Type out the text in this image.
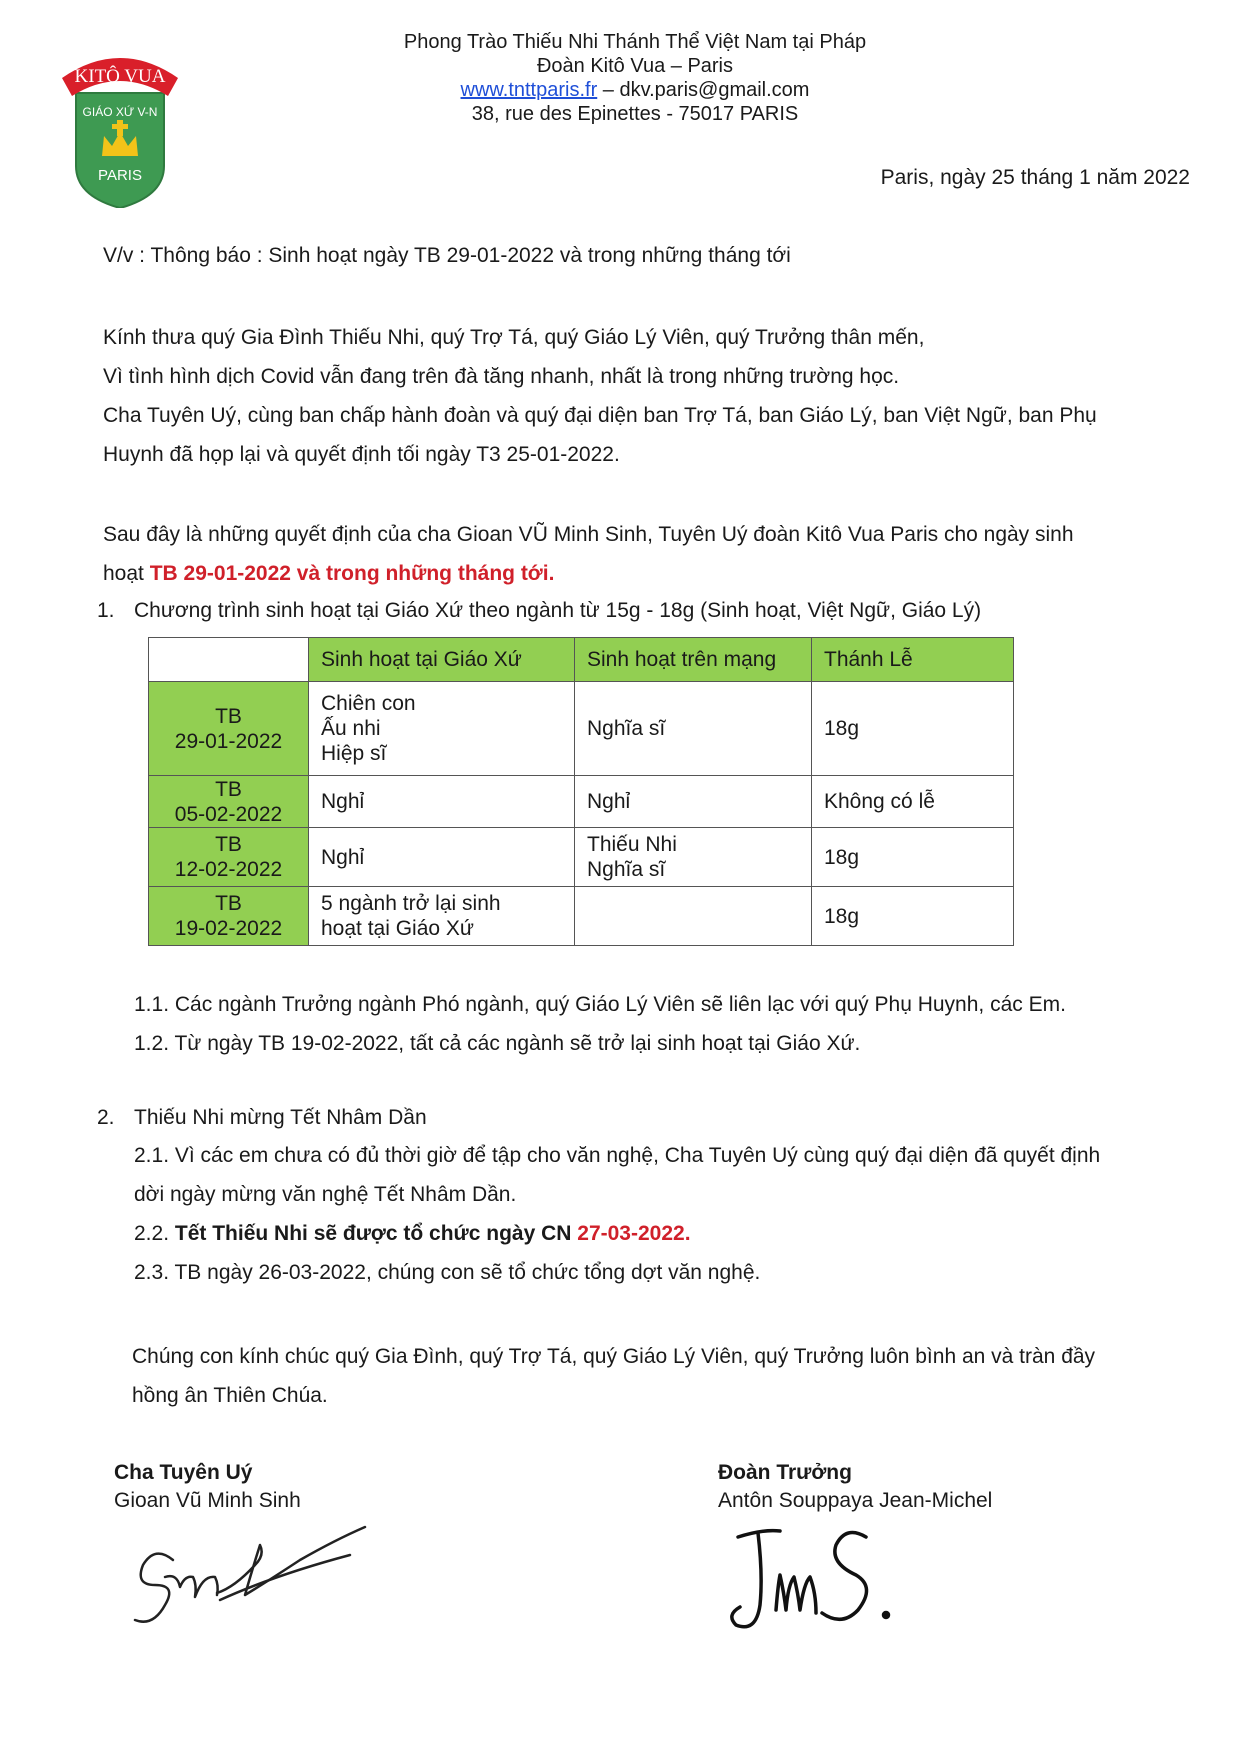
KITÔ VUA
GIÁO XỨ V-N
PARIS
Phong Trào Thiếu Nhi Thánh Thể Việt Nam tại Pháp
Đoàn Kitô Vua – Paris
www.tnttparis.fr – dkv.paris@gmail.com
38, rue des Epinettes - 75017 PARIS
Paris, ngày 25 tháng 1 năm 2022
V/v : Thông báo : Sinh hoạt ngày TB 29-01-2022 và trong những tháng tới
Kính thưa quý Gia Đình Thiếu Nhi, quý Trợ Tá, quý Giáo Lý Viên, quý Trưởng thân mến,
Vì tình hình dịch Covid vẫn đang trên đà tăng nhanh, nhất là trong những trường học.
Cha Tuyên Uý, cùng ban chấp hành đoàn và quý đại diện ban Trợ Tá, ban Giáo Lý, ban Việt Ngữ, ban Phụ
Huynh đã họp lại và quyết định tối ngày T3 25-01-2022.
Sau đây là những quyết định của cha Gioan VŨ Minh Sinh, Tuyên Uý đoàn Kitô Vua Paris cho ngày sinh
hoạt TB 29-01-2022 và trong những tháng tới.
1. Chương trình sinh hoạt tại Giáo Xứ theo ngành từ 15g - 18g (Sinh hoạt, Việt Ngữ, Giáo Lý)
	Sinh hoạt tại Giáo Xứ	Sinh hoạt trên mạng	Thánh Lễ

TB
29-01-2022	Chiên con
Ấu nhi
Hiệp sĩ	Nghĩa sĩ	18g

TB
05-02-2022	Nghỉ	Nghỉ	Không có lễ

TB
12-02-2022	Nghỉ	Thiếu Nhi
Nghĩa sĩ	18g

TB
19-02-2022	5 ngành trở lại sinh
hoạt tại Giáo Xứ		18g
1.1. Các ngành Trưởng ngành Phó ngành, quý Giáo Lý Viên sẽ liên lạc với quý Phụ Huynh, các Em.
1.2. Từ ngày TB 19-02-2022, tất cả các ngành sẽ trở lại sinh hoạt tại Giáo Xứ.
2. Thiếu Nhi mừng Tết Nhâm Dần
2.1. Vì các em chưa có đủ thời giờ để tập cho văn nghệ, Cha Tuyên Uý cùng quý đại diện đã quyết định
dời ngày mừng văn nghệ Tết Nhâm Dần.
2.2. Tết Thiếu Nhi sẽ được tổ chức ngày CN 27-03-2022.
2.3. TB ngày 26-03-2022, chúng con sẽ tổ chức tổng dợt văn nghệ.
Chúng con kính chúc quý Gia Đình, quý Trợ Tá, quý Giáo Lý Viên, quý Trưởng luôn bình an và tràn đầy
hồng ân Thiên Chúa.
Cha Tuyên Uý
Gioan Vũ Minh Sinh
Đoàn Trưởng
Antôn Souppaya Jean-Michel
